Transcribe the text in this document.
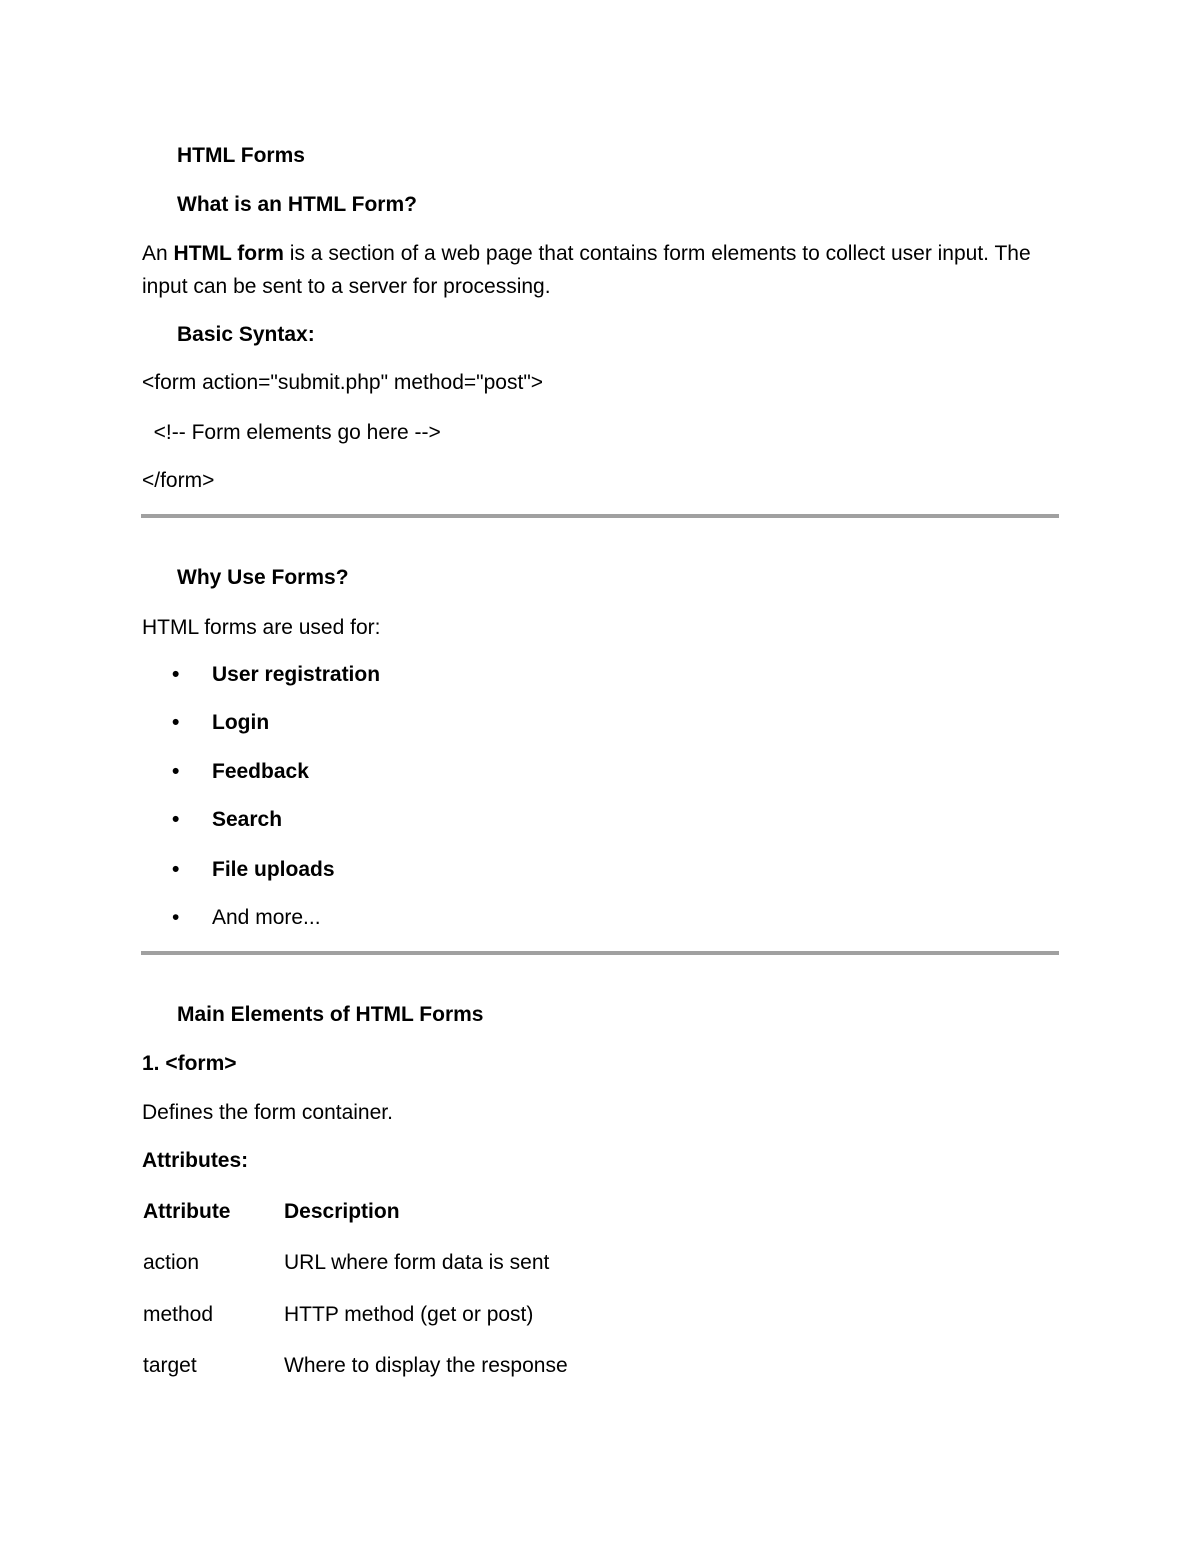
HTML Forms
What is an HTML Form?
An HTML form is a section of a web page that contains form elements to collect user input. The
input can be sent to a server for processing.
Basic Syntax:
<form action="submit.php" method="post">
<!-- Form elements go here -->
</form>
Why Use Forms?
HTML forms are used for:
•	User registration
•	Login
•	Feedback
•	Search
•	File uploads
•	And more...
Main Elements of HTML Forms
1. <form>
Defines the form container.
Attributes:
Attribute	Description
action	URL where form data is sent
method	HTTP method (get or post)
target	Where to display the response
